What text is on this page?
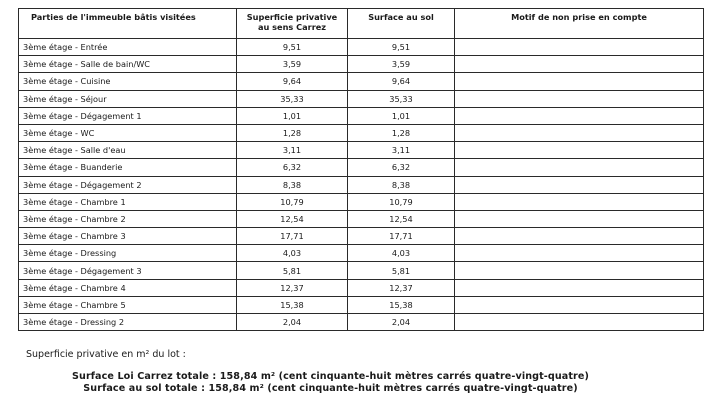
Parties de l'immeuble bâtis visitées	Superficie privative au sens Carrez	Surface au sol	Motif de non prise en compte
3ème étage - Entrée	9,51	9,51	
3ème étage - Salle de bain/WC	3,59	3,59	
3ème étage - Cuisine	9,64	9,64	
3ème étage - Séjour	35,33	35,33	
3ème étage - Dégagement 1	1,01	1,01	
3ème étage - WC	1,28	1,28	
3ème étage - Salle d'eau	3,11	3,11	
3ème étage - Buanderie	6,32	6,32	
3ème étage - Dégagement 2	8,38	8,38	
3ème étage - Chambre 1	10,79	10,79	
3ème étage - Chambre 2	12,54	12,54	
3ème étage - Chambre 3	17,71	17,71	
3ème étage - Dressing	4,03	4,03	
3ème étage - Dégagement 3	5,81	5,81	
3ème étage - Chambre 4	12,37	12,37	
3ème étage - Chambre 5	15,38	15,38	
3ème étage - Dressing 2	2,04	2,04	
Superficie privative en m² du lot :
Surface Loi Carrez totale : 158,84 m² (cent cinquante-huit mètres carrés quatre-vingt-quatre)
Surface au sol totale : 158,84 m² (cent cinquante-huit mètres carrés quatre-vingt-quatre)
